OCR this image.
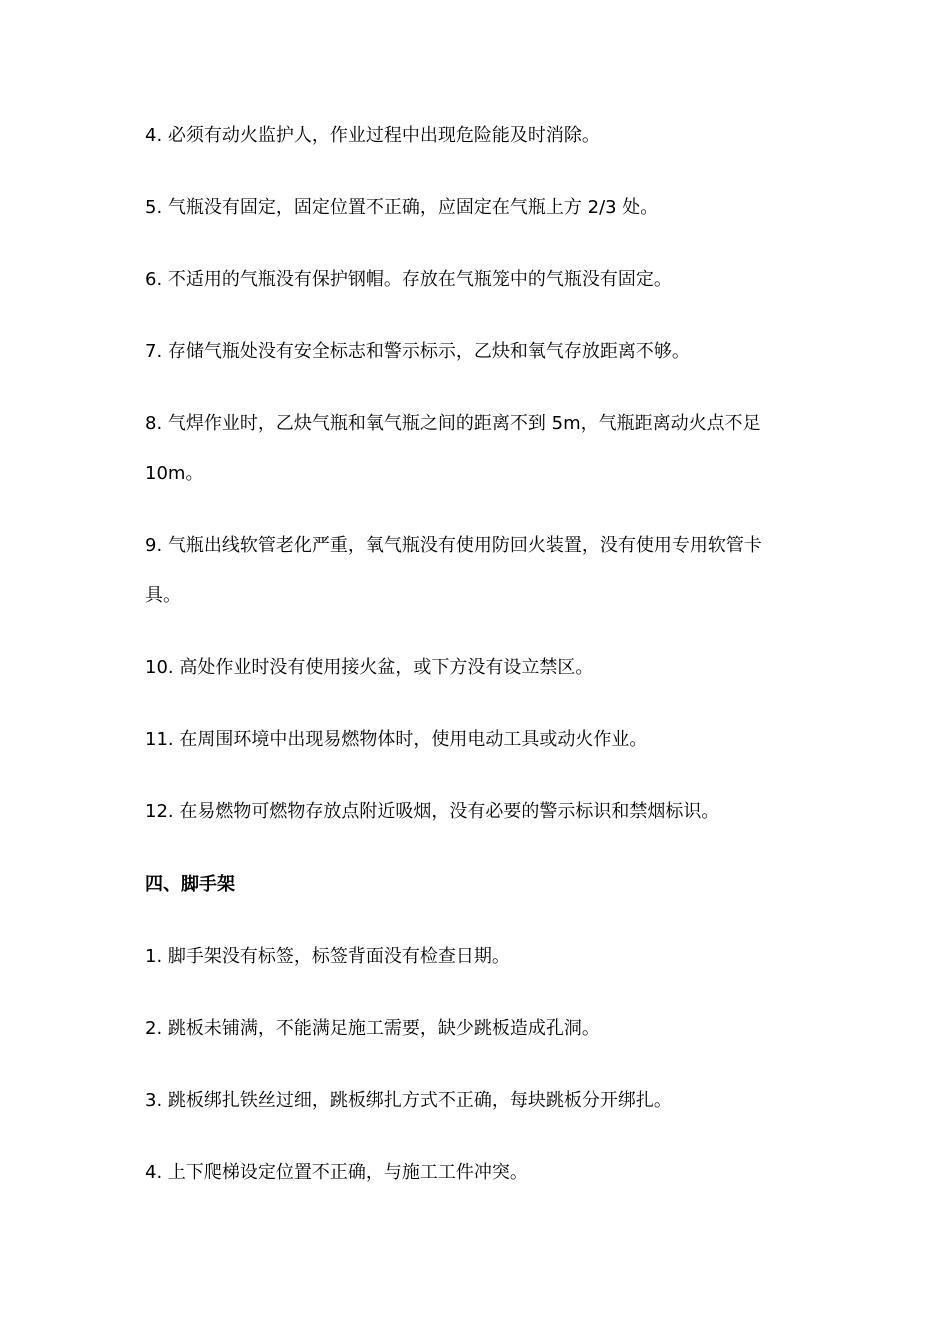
4. 必须有动火监护人，作业过程中出现危险能及时消除。
5. 气瓶没有固定，固定位置不正确，应固定在气瓶上方 2/3 处。
6. 不适用的气瓶没有保护钢帽。存放在气瓶笼中的气瓶没有固定。
7. 存储气瓶处没有安全标志和警示标示，乙炔和氧气存放距离不够。
8. 气焊作业时，乙炔气瓶和氧气瓶之间的距离不到 5m，气瓶距离动火点不足
10m。
9. 气瓶出线软管老化严重，氧气瓶没有使用防回火装置，没有使用专用软管卡
具。
10. 高处作业时没有使用接火盆，或下方没有设立禁区。
11. 在周围环境中出现易燃物体时，使用电动工具或动火作业。
12. 在易燃物可燃物存放点附近吸烟，没有必要的警示标识和禁烟标识。
四、脚手架
1. 脚手架没有标签，标签背面没有检查日期。
2. 跳板未铺满，不能满足施工需要，缺少跳板造成孔洞。
3. 跳板绑扎铁丝过细，跳板绑扎方式不正确，每块跳板分开绑扎。
4. 上下爬梯设定位置不正确，与施工工件冲突。
